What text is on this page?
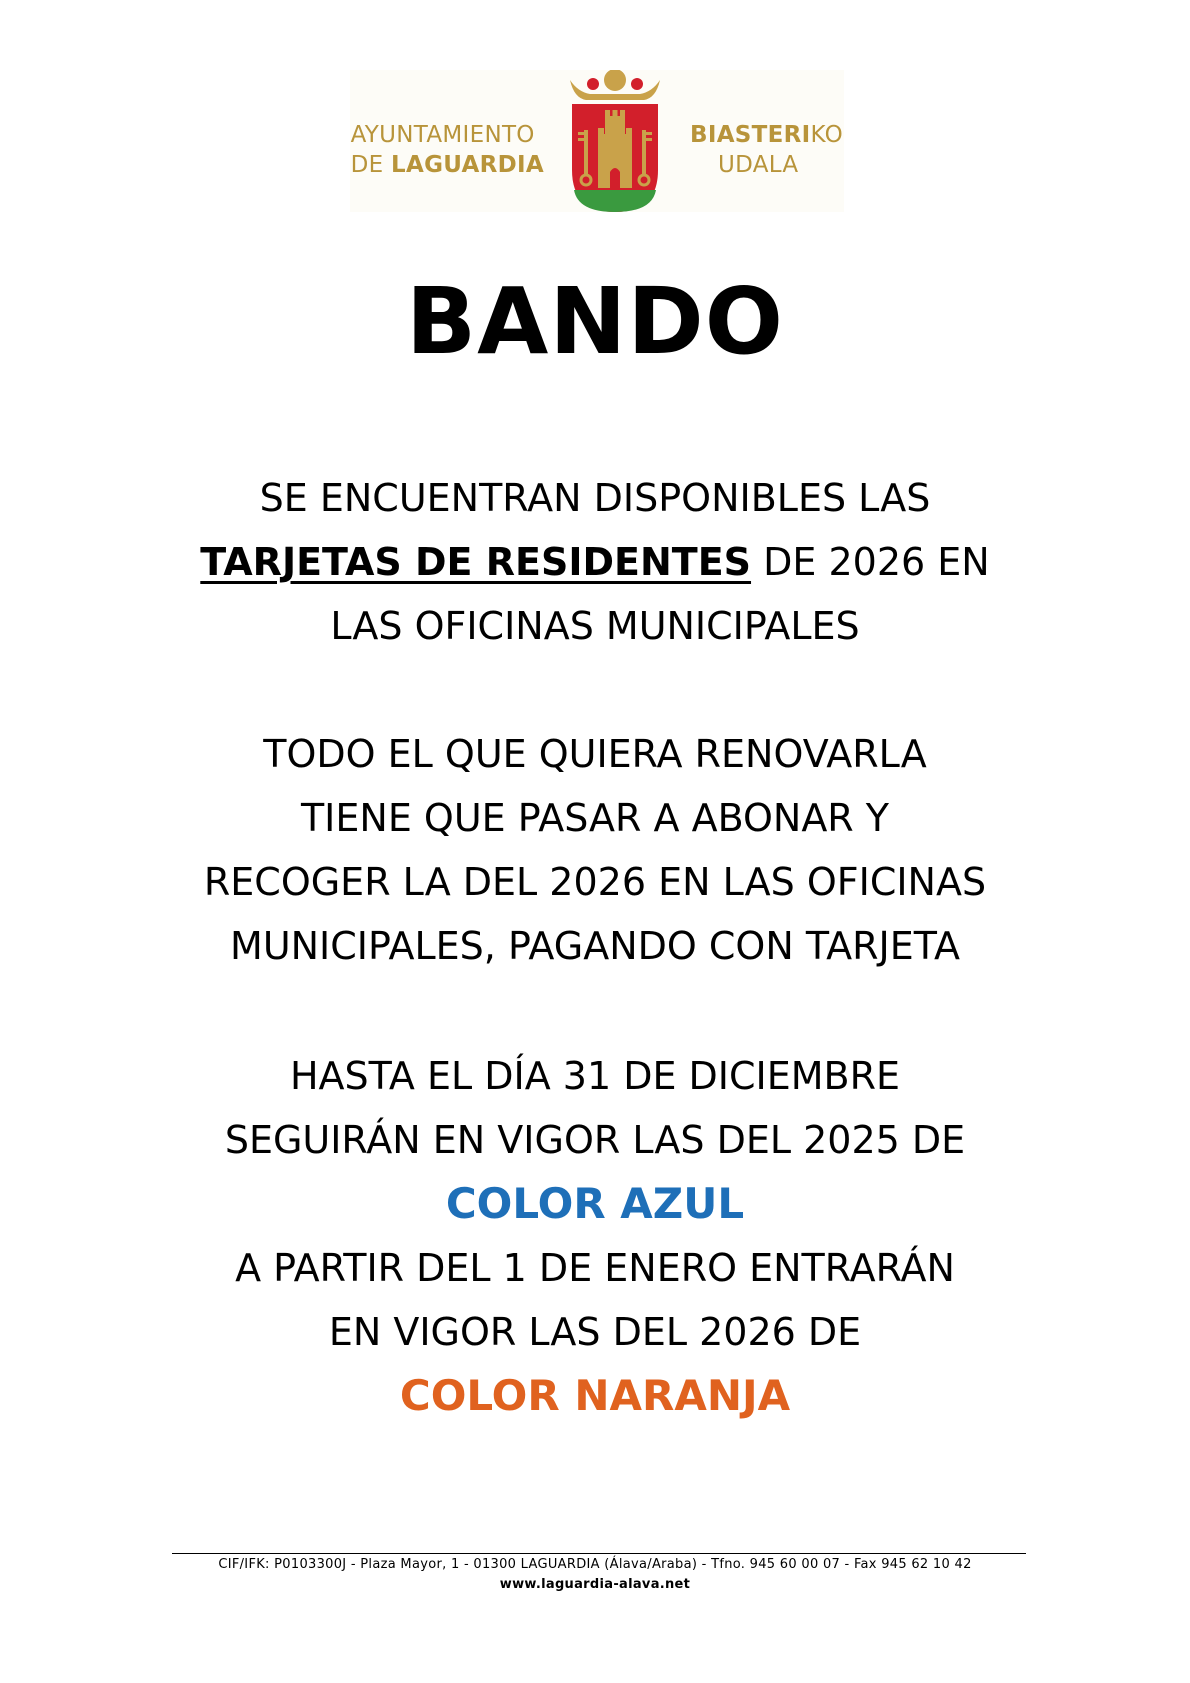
AYUNTAMIENTO
DE LAGUARDIA
BIASTERIKO
UDALA
BANDO
SE ENCUENTRAN DISPONIBLES LAS
TARJETAS DE RESIDENTES DE 2026 EN
LAS OFICINAS MUNICIPALES
TODO EL QUE QUIERA RENOVARLA
TIENE QUE PASAR A ABONAR Y
RECOGER LA DEL 2026 EN LAS OFICINAS
MUNICIPALES, PAGANDO CON TARJETA
HASTA EL DÍA 31 DE DICIEMBRE
SEGUIRÁN EN VIGOR LAS DEL 2025 DE
COLOR AZUL
A PARTIR DEL 1 DE ENERO ENTRARÁN
EN VIGOR LAS DEL 2026 DE
COLOR NARANJA
CIF/IFK: P0103300J - Plaza Mayor, 1 - 01300 LAGUARDIA (Álava/Araba) - Tfno. 945 60 00 07 - Fax 945 62 10 42
www.laguardia-alava.net
